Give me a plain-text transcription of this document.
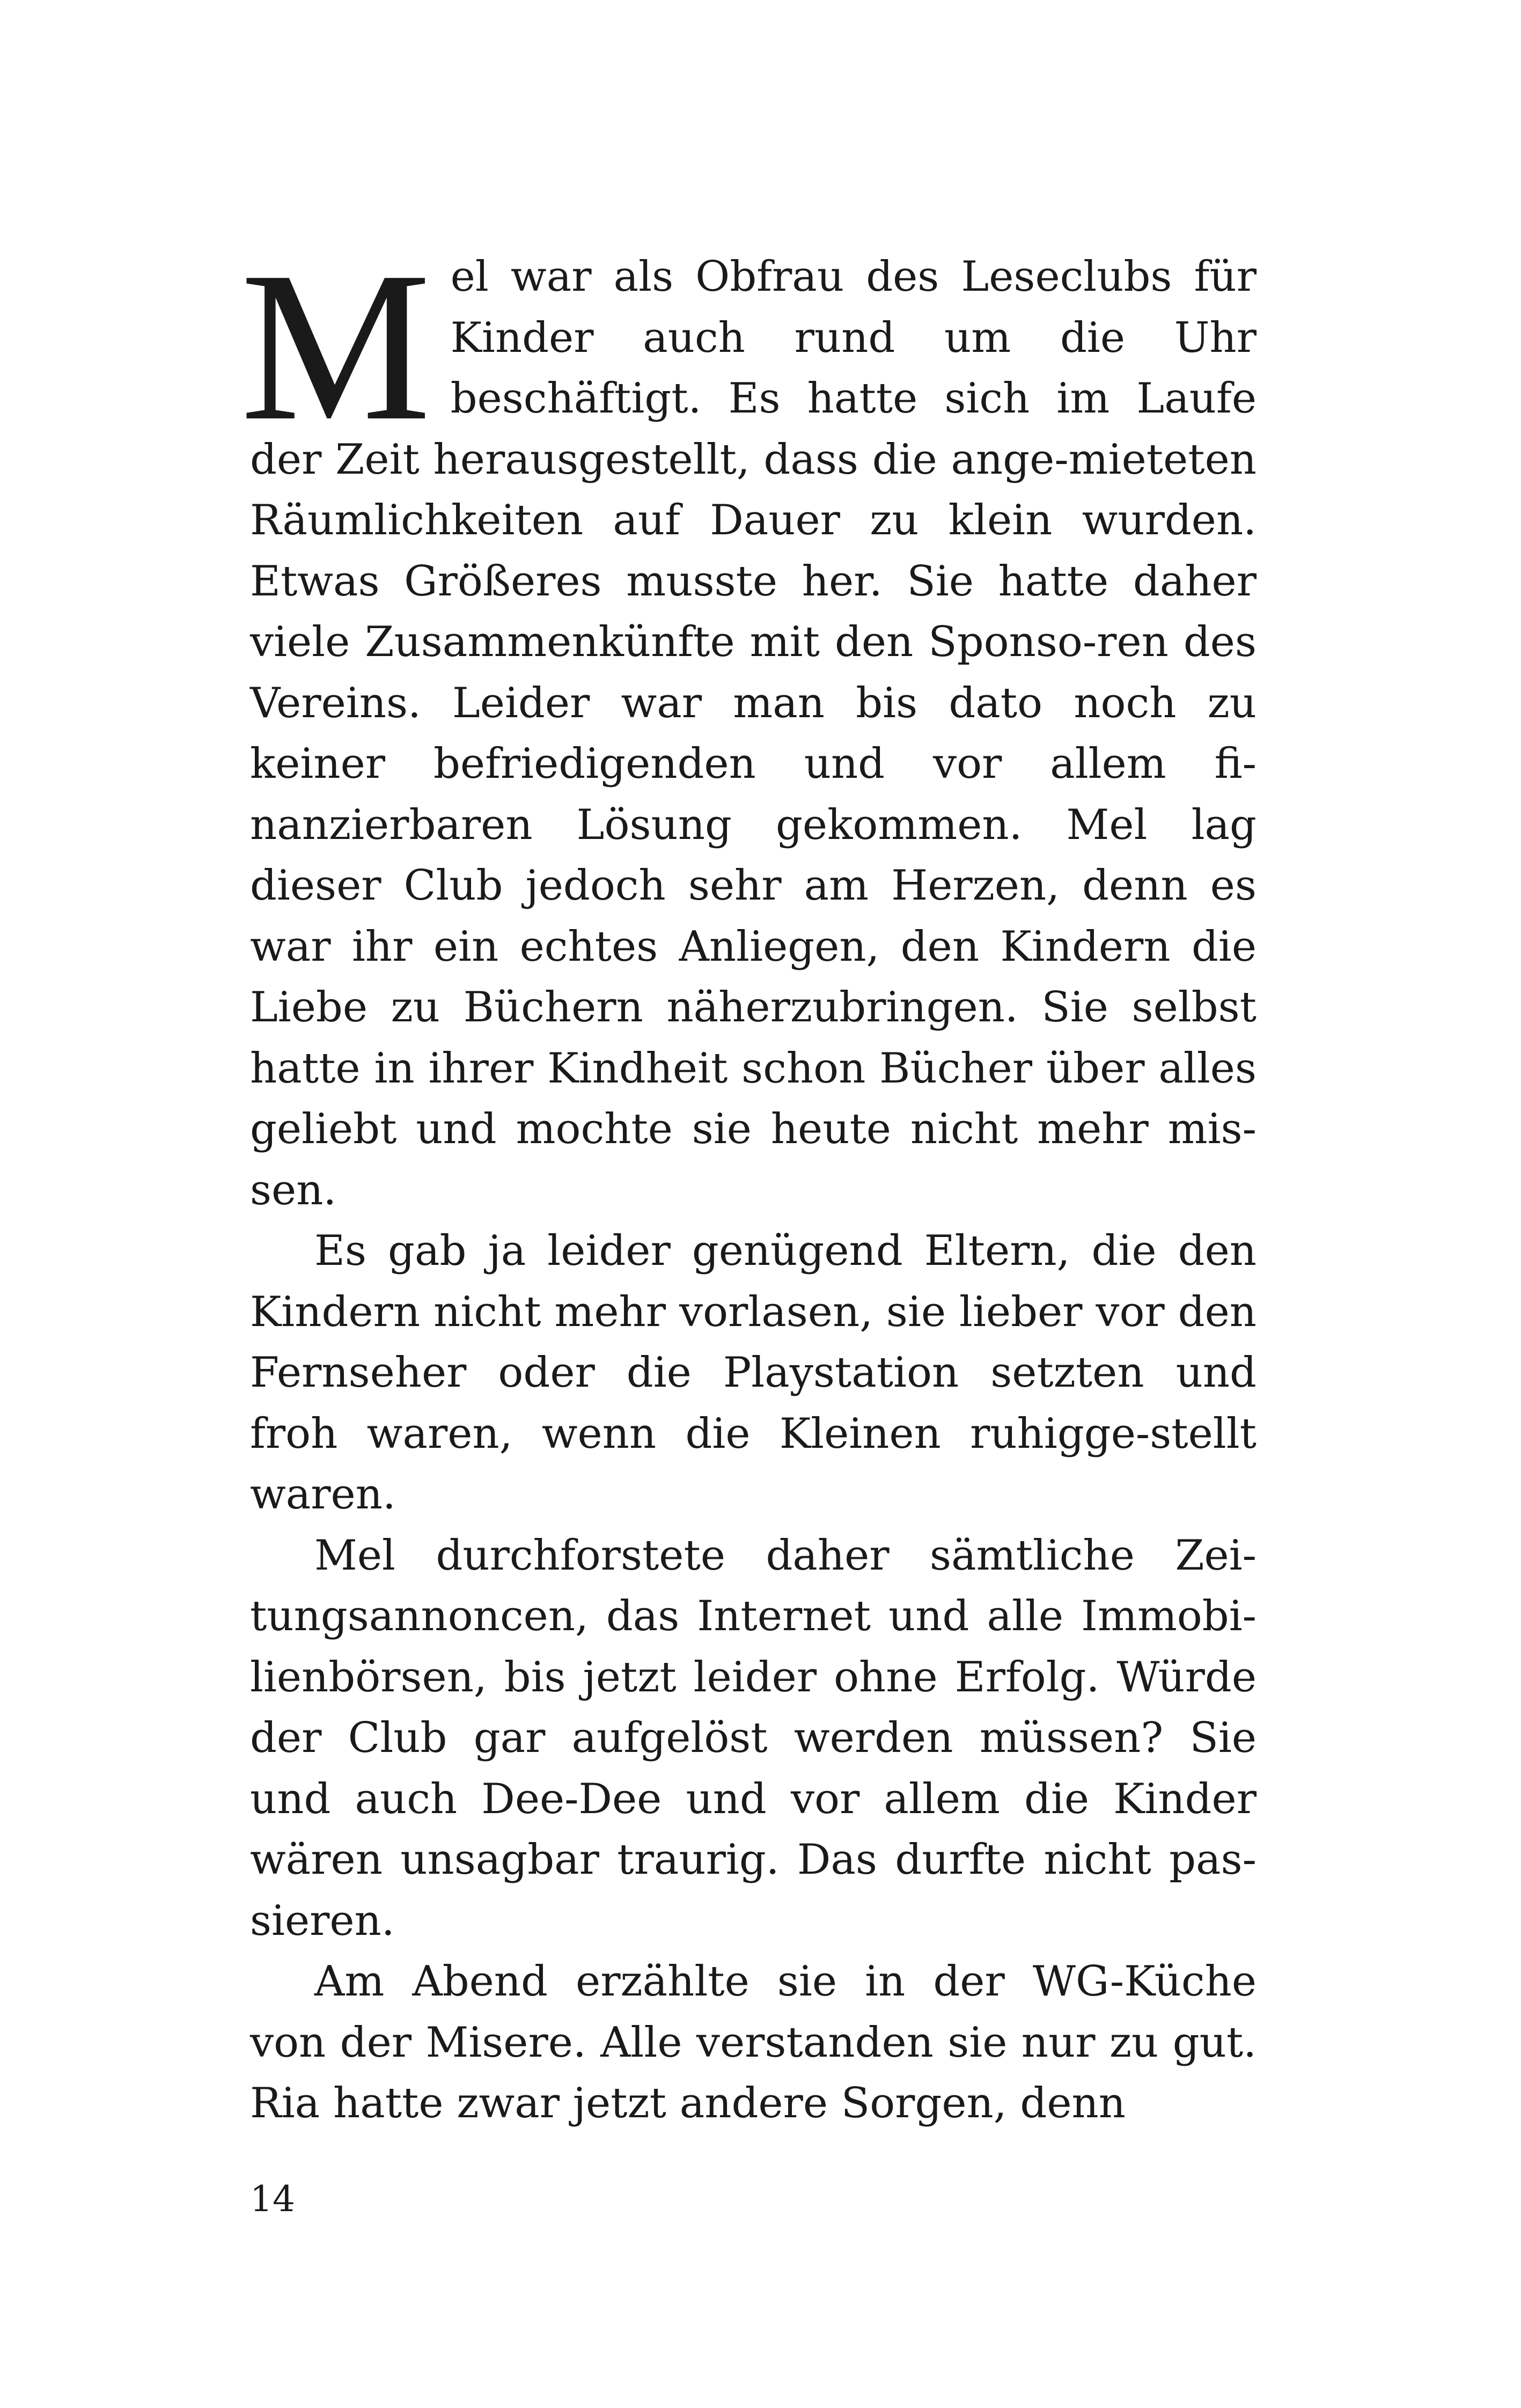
Mel war als Obfrau des Leseclubs für Kinder auch rund um die Uhr beschäftigt. Es hatte sich im Laufe der Zeit herausgestellt, dass die ange-mieteten Räumlichkeiten auf Dauer zu klein wurden. Etwas Größeres musste her. Sie hatte daher viele Zusammenkünfte mit den Sponso-ren des Vereins. Leider war man bis dato noch zu keiner befriedigenden und vor allem fi-nanzierbaren Lösung gekommen. Mel lag dieser Club jedoch sehr am Herzen, denn es war ihr ein echtes Anliegen, den Kindern die Liebe zu Büchern näherzubringen. Sie selbst hatte in ihrer Kindheit schon Bücher über alles geliebt und mochte sie heute nicht mehr mis-sen.

Es gab ja leider genügend Eltern, die den Kindern nicht mehr vorlasen, sie lieber vor den Fernseher oder die Playstation setzten und froh waren, wenn die Kleinen ruhigge-stellt waren.

Mel durchforstete daher sämtliche Zei-tungsannoncen, das Internet und alle Immobi-lienbörsen, bis jetzt leider ohne Erfolg. Würde der Club gar aufgelöst werden müssen? Sie und auch Dee-Dee und vor allem die Kinder wären unsagbar traurig. Das durfte nicht pas-sieren.

Am Abend erzählte sie in der WG-Küche von der Misere. Alle verstanden sie nur zu gut. Ria hatte zwar jetzt andere Sorgen, denn

14
